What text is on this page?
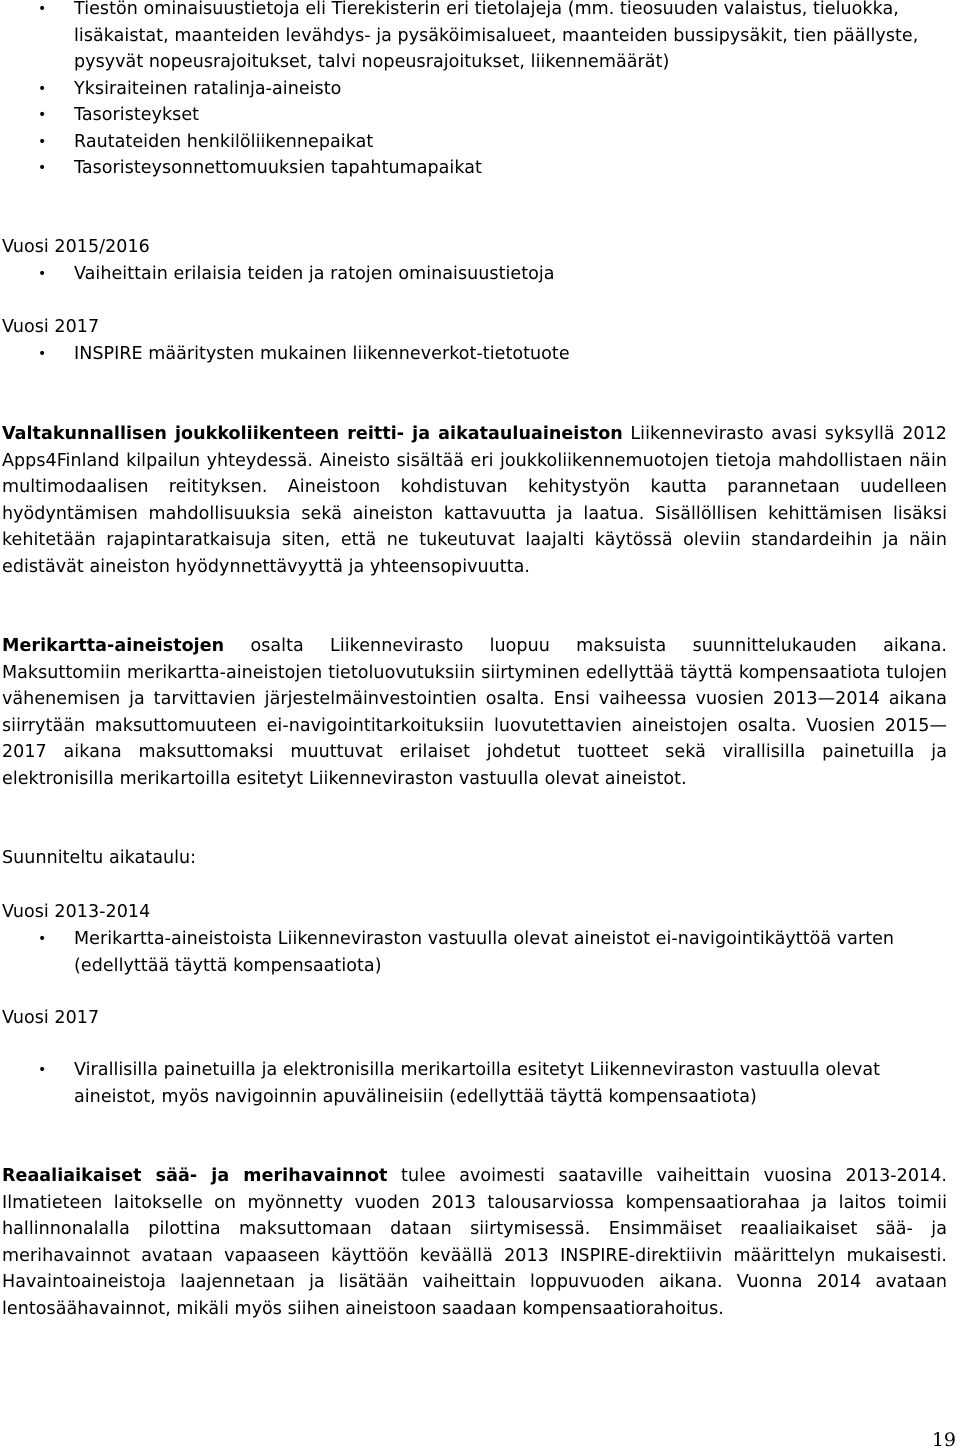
• Tiestön ominaisuustietoja eli Tierekisterin eri tietolajeja (mm. tieosuuden valaistus, tieluokka, lisäkaistat, maanteiden levähdys- ja pysäköimisalueet, maanteiden bussipysäkit, tien päällyste, pysyvät nopeusrajoitukset, talvi nopeusrajoitukset, liikennemäärät)
• Yksiraiteinen ratalinja-aineisto
• Tasoristeykset
• Rautateiden henkilöliikennepaikat
• Tasoristeysonnettomuuksien tapahtumapaikat
Vuosi 2015/2016
• Vaiheittain erilaisia teiden ja ratojen ominaisuustietoja
Vuosi 2017
• INSPIRE määritysten mukainen liikenneverkot-tietotuote
Valtakunnallisen joukkoliikenteen reitti- ja aikatauluaineiston Liikennevirasto avasi syksyllä 2012 Apps4Finland kilpailun yhteydessä. Aineisto sisältää eri joukkoliikennemuotojen tietoja mahdollistaen näin multimodaalisen reitityksen. Aineistoon kohdistuvan kehitystyön kautta parannetaan uudelleen hyödyntämisen mahdollisuuksia sekä aineiston kattavuutta ja laatua. Sisällöllisen kehittämisen lisäksi kehitetään rajapintaratkaisuja siten, että ne tukeutuvat laajalti käytössä oleviin standardeihin ja näin edistävät aineiston hyödynnettävyyttä ja yhteensopivuutta.
Merikartta-aineistojen osalta Liikennevirasto luopuu maksuista suunnittelukauden aikana. Maksuttomiin merikartta-aineistojen tietoluovutuksiin siirtyminen edellyttää täyttä kompensaatiota tulojen vähenemisen ja tarvittavien järjestelmäinvestointien osalta. Ensi vaiheessa vuosien 2013—2014 aikana siirrytään maksuttomuuteen ei-navigointitarkoituksiin luovutettavien aineistojen osalta. Vuosien 2015—2017 aikana maksuttomaksi muuttuvat erilaiset johdetut tuotteet sekä virallisilla painetuilla ja elektronisilla merikartoilla esitetyt Liikenneviraston vastuulla olevat aineistot.
Suunniteltu aikataulu:
Vuosi 2013-2014
• Merikartta-aineistoista Liikenneviraston vastuulla olevat aineistot ei-navigointikäyttöä varten (edellyttää täyttä kompensaatiota)
Vuosi 2017
• Virallisilla painetuilla ja elektronisilla merikartoilla esitetyt Liikenneviraston vastuulla olevat aineistot, myös navigoinnin apuvälineisiin (edellyttää täyttä kompensaatiota)
Reaaliaikaiset sää- ja merihavainnot tulee avoimesti saataville vaiheittain vuosina 2013-2014. Ilmatieteen laitokselle on myönnetty vuoden 2013 talousarviossa kompensaatiorahaa ja laitos toimii hallinnonalalla pilottina maksuttomaan dataan siirtymisessä. Ensimmäiset reaaliaikaiset sää- ja merihavainnot avataan vapaaseen käyttöön keväällä 2013 INSPIRE-direktiivin määrittelyn mukaisesti. Havaintoaineistoja laajennetaan ja lisätään vaiheittain loppuvuoden aikana. Vuonna 2014 avataan lentosäähavainnot, mikäli myös siihen aineistoon saadaan kompensaatiorahoitus.
19
